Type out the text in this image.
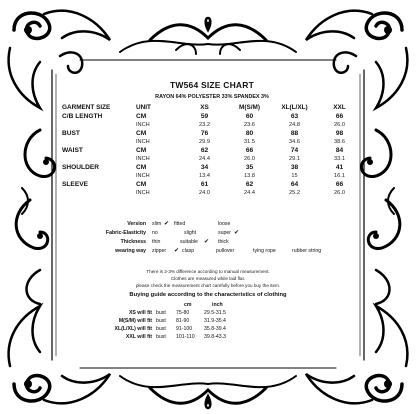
TW564 SIZE CHART
RAYON 64% POLYESTER 33% SPANDEX 3%
GARMENT SIZE	UNIT	XS	M(S/M)	XL(L/XL)	XXL
C/B LENGTH	CM	59	60	63	66
	INCH	23.2	23.6	24.8	26.0
BUST	CM	76	80	88	98
	INCH	29.9	31.5	34.6	38.6
WAIST	CM	62	66	74	84
	INCH	24.4	26.0	29.1	33.1
SHOULDER	CM	34	35	38	41
	INCH	13.4	13.8	15	16.1
SLEEVE	CM	61	62	64	66
	INCH	24.0	24.4	25.2	26.0
Version slim ✔ fitted	loose
Fabric-Elasticity no	slight	super ✔
Thickness thin	suitable	✔ thick
wearing way zipper	✔ clasp	pullover	tying rope	rubber string
There is 2-3% difference according to manual measurement.
Clothes are measured while laid flat.
please check the measurement chart carefully before you buy the item.
Buying guide according to the characteristics of clothing
cm	inch
XS will fit bust 75-80	29.5-31.5
M(S/M) will fit bust 81-90	31.9-35.4
XL(L/XL) will fit bust 91-100 35.8-39.4
XXL will fit bust 101-110 39.8-43.3
